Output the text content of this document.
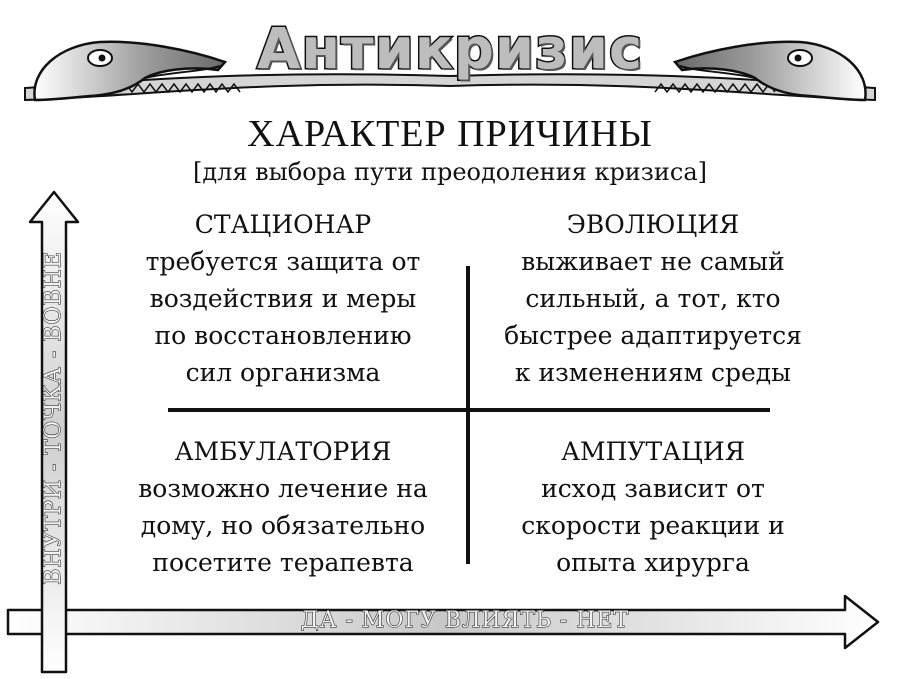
Антикризис
ХАРАКТЕР ПРИЧИНЫ
[для выбора пути преодоления кризиса]
СТАЦИОНАР
требуется защита от
воздействия и меры
по восстановлению
сил организма
ЭВОЛЮЦИЯ
выживает не самый
сильный, а тот, кто
быстрее адаптируется
к изменениям среды
АМБУЛАТОРИЯ
возможно лечение на
дому, но обязательно
посетите терапевта
АМПУТАЦИЯ
исход зависит от
скорости реакции и
опыта хирурга
ВНУТРИ - ТОЧКА - ВОВНЕ
ДА - МОГУ ВЛИЯТЬ - НЕТ
